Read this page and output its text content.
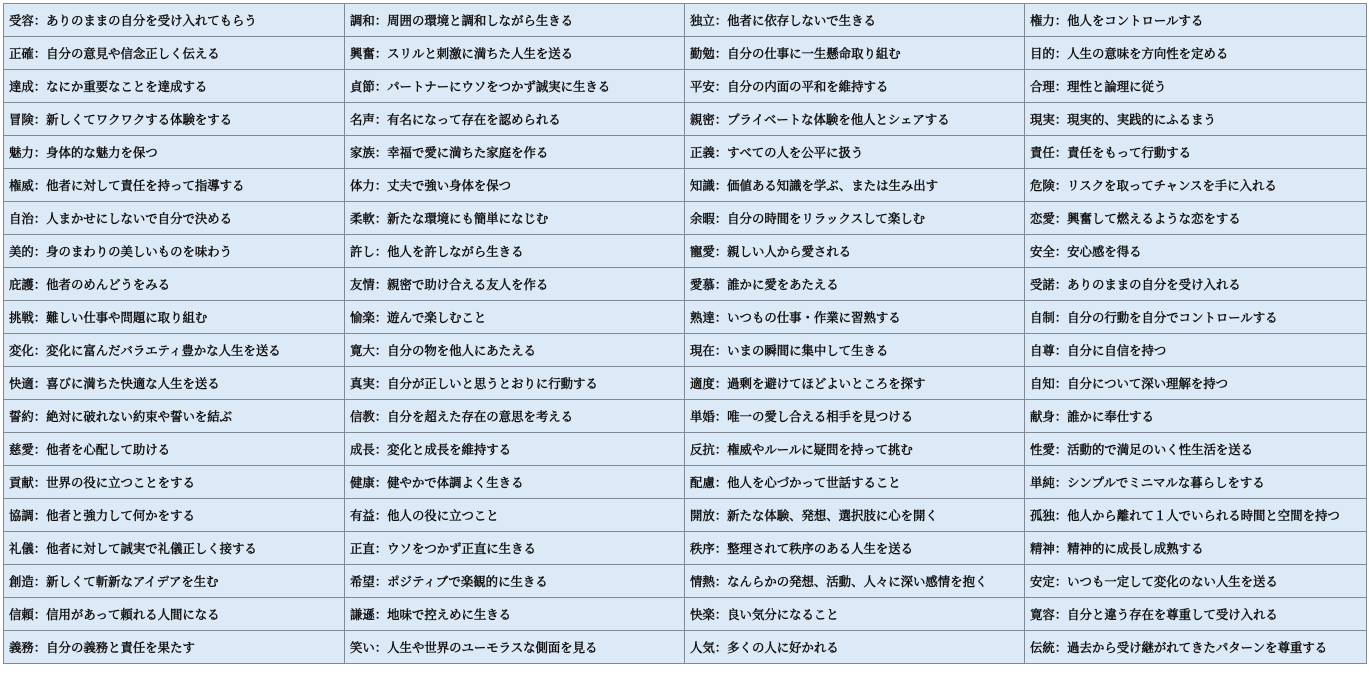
受容：ありのままの自分を受け入れてもらう	調和：周囲の環境と調和しながら生きる	独立：他者に依存しないで生きる	権力：他人をコントロールする
正確：自分の意見や信念正しく伝える	興奮：スリルと刺激に満ちた人生を送る	勤勉：自分の仕事に一生懸命取り組む	目的：人生の意味を方向性を定める
達成：なにか重要なことを達成する	貞節：パートナーにウソをつかず誠実に生きる	平安：自分の内面の平和を維持する	合理：理性と論理に従う
冒険：新しくてワクワクする体験をする	名声：有名になって存在を認められる	親密：プライベートな体験を他人とシェアする	現実：現実的、実践的にふるまう
魅力：身体的な魅力を保つ	家族：幸福で愛に満ちた家庭を作る	正義：すべての人を公平に扱う	責任：責任をもって行動する
権威：他者に対して責任を持って指導する	体力：丈夫で強い身体を保つ	知識：価値ある知識を学ぶ、または生み出す	危険：リスクを取ってチャンスを手に入れる
自治：人まかせにしないで自分で決める	柔軟：新たな環境にも簡単になじむ	余暇：自分の時間をリラックスして楽しむ	恋愛：興奮して燃えるような恋をする
美的：身のまわりの美しいものを味わう	許し：他人を許しながら生きる	寵愛：親しい人から愛される	安全：安心感を得る
庇護：他者のめんどうをみる	友情：親密で助け合える友人を作る	愛慕：誰かに愛をあたえる	受諾：ありのままの自分を受け入れる
挑戦：難しい仕事や問題に取り組む	愉楽：遊んで楽しむこと	熟達：いつもの仕事・作業に習熟する	自制：自分の行動を自分でコントロールする
変化：変化に富んだバラエティ豊かな人生を送る	寛大：自分の物を他人にあたえる	現在：いまの瞬間に集中して生きる	自尊：自分に自信を持つ
快適：喜びに満ちた快適な人生を送る	真実：自分が正しいと思うとおりに行動する	適度：過剰を避けてほどよいところを探す	自知：自分について深い理解を持つ
誓約：絶対に破れない約束や誓いを結ぶ	信教：自分を超えた存在の意思を考える	単婚：唯一の愛し合える相手を見つける	献身：誰かに奉仕する
慈愛：他者を心配して助ける	成長：変化と成長を維持する	反抗：権威やルールに疑問を持って挑む	性愛：活動的で満足のいく性生活を送る
貢献：世界の役に立つことをする	健康：健やかで体調よく生きる	配慮：他人を心づかって世話すること	単純：シンプルでミニマルな暮らしをする
協調：他者と強力して何かをする	有益：他人の役に立つこと	開放：新たな体験、発想、選択肢に心を開く	孤独：他人から離れて１人でいられる時間と空間を持つ
礼儀：他者に対して誠実で礼儀正しく接する	正直：ウソをつかず正直に生きる	秩序：整理されて秩序のある人生を送る	精神：精神的に成長し成熟する
創造：新しくて斬新なアイデアを生む	希望：ポジティブで楽観的に生きる	情熱：なんらかの発想、活動、人々に深い感情を抱く	安定：いつも一定して変化のない人生を送る
信頼：信用があって頼れる人間になる	謙遜：地味で控えめに生きる	快楽：良い気分になること	寛容：自分と違う存在を尊重して受け入れる
義務：自分の義務と責任を果たす	笑い：人生や世界のユーモラスな側面を見る	人気：多くの人に好かれる	伝統：過去から受け継がれてきたパターンを尊重する
